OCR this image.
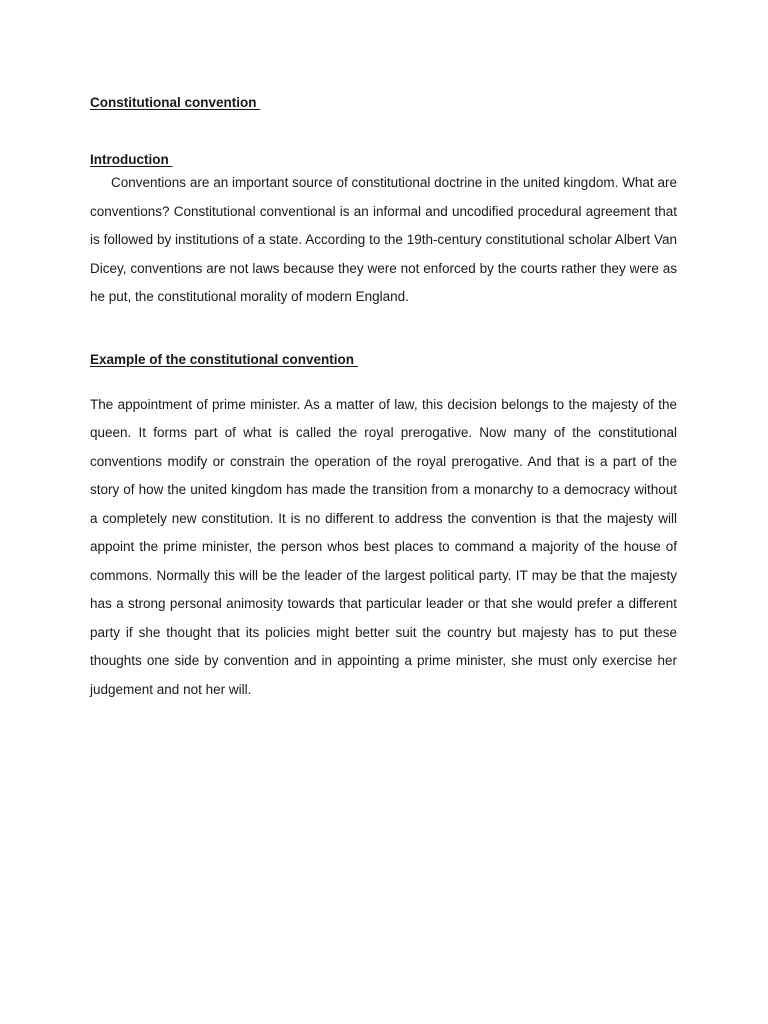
Constitutional convention

Introduction

Conventions are an important source of constitutional doctrine in the united kingdom. What are conventions? Constitutional conventional is an informal and uncodified procedural agreement that is followed by institutions of a state. According to the 19th-century constitutional scholar Albert Van Dicey, conventions are not laws because they were not enforced by the courts rather they were as he put, the constitutional morality of modern England.

Example of the constitutional convention

The appointment of prime minister. As a matter of law, this decision belongs to the majesty of the queen. It forms part of what is called the royal prerogative. Now many of the constitutional conventions modify or constrain the operation of the royal prerogative. And that is a part of the story of how the united kingdom has made the transition from a monarchy to a democracy without a completely new constitution. It is no different to address the convention is that the majesty will appoint the prime minister, the person whos best places to command a majority of the house of commons. Normally this will be the leader of the largest political party. IT may be that the majesty has a strong personal animosity towards that particular leader or that she would prefer a different party if she thought that its policies might better suit the country but majesty has to put these thoughts one side by convention and in appointing a prime minister, she must only exercise her judgement and not her will.
